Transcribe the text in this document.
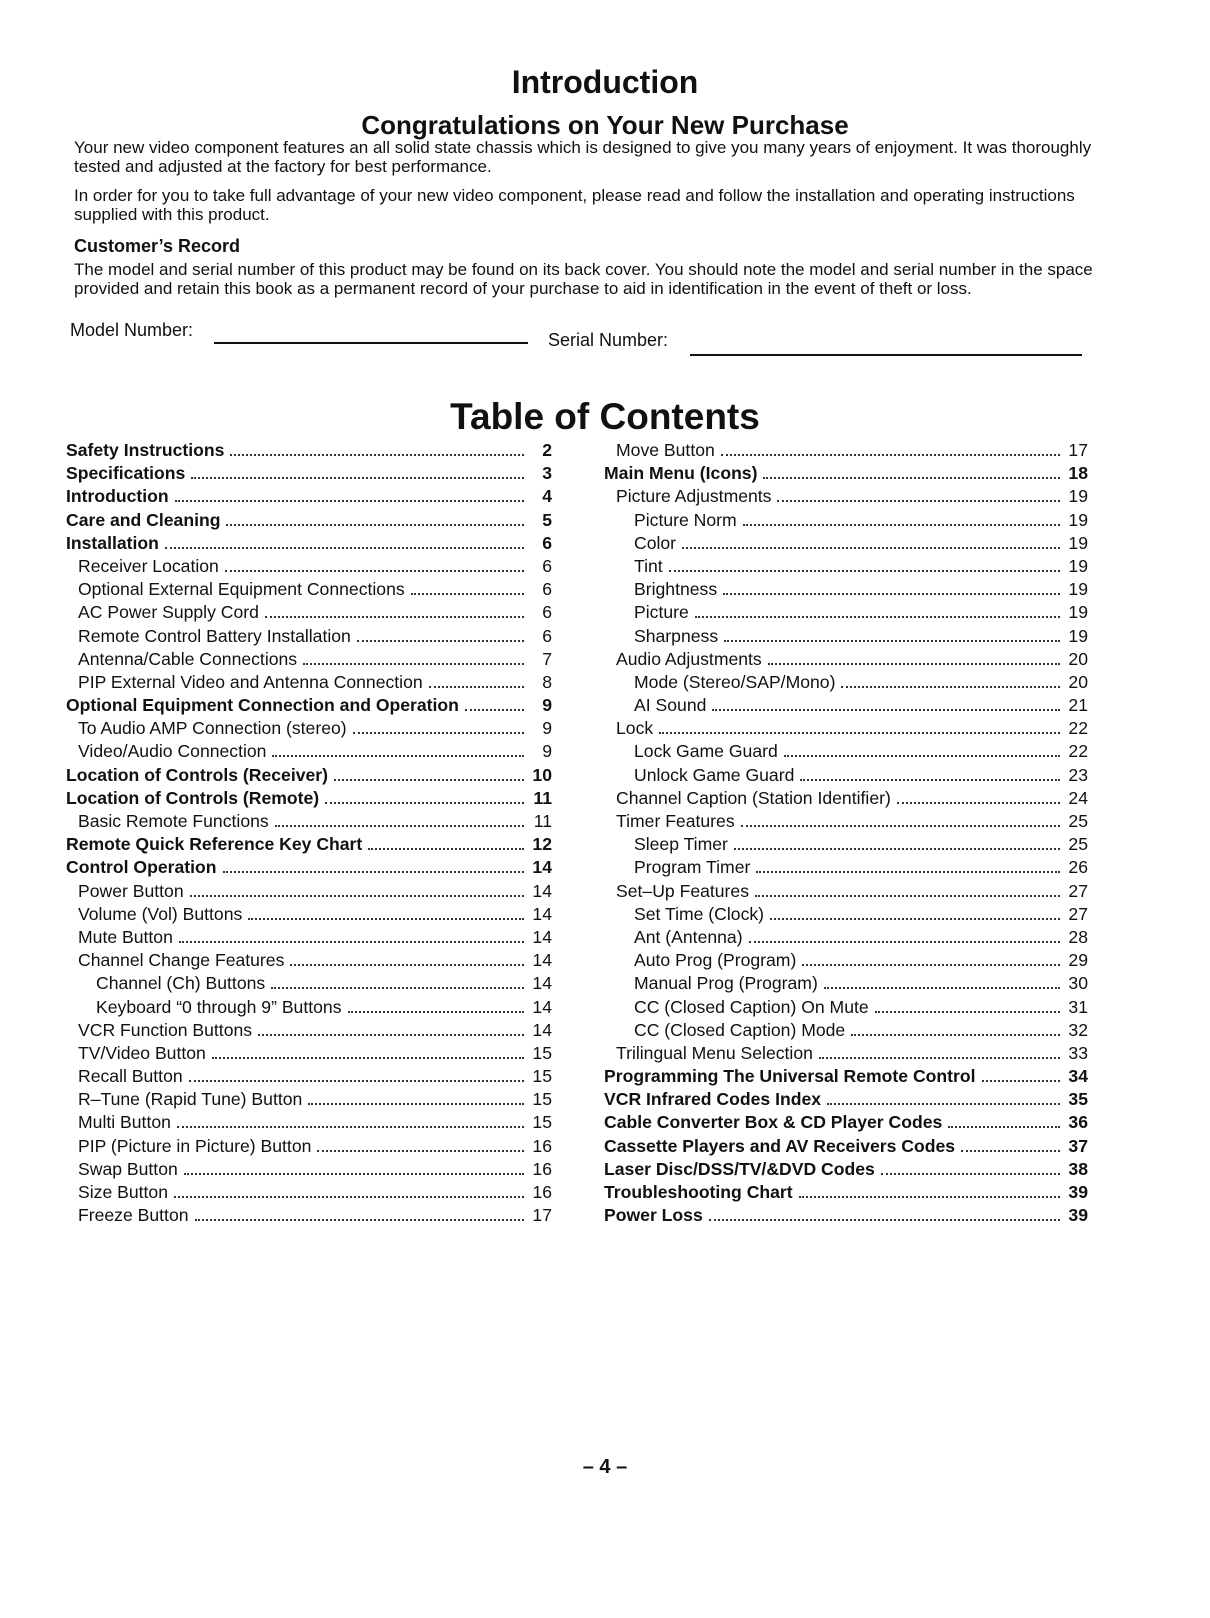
Introduction
Congratulations on Your New Purchase
Your new video component features an all solid state chassis which is designed to give you many years of enjoyment. It was thoroughly tested and adjusted at the factory for best performance.
In order for you to take full advantage of your new video component, please read and follow the installation and operating instructions supplied with this product.
Customer’s Record
The model and serial number of this product may be found on its back cover. You should note the model and serial number in the space provided and retain this book as a permanent record of your purchase to aid in identification in the event of theft or loss.
Model Number:	Serial Number:
Table of Contents
Safety Instructions	2
Specifications	3
Introduction	4
Care and Cleaning	5
Installation	6
Receiver Location	6
Optional External Equipment Connections	6
AC Power Supply Cord	6
Remote Control Battery Installation	6
Antenna/Cable Connections	7
PIP External Video and Antenna Connection	8
Optional Equipment Connection and Operation	9
To Audio AMP Connection (stereo)	9
Video/Audio Connection	9
Location of Controls (Receiver)	10
Location of Controls (Remote)	11
Basic Remote Functions	11
Remote Quick Reference Key Chart	12
Control Operation	14
Power Button	14
Volume (Vol) Buttons	14
Mute Button	14
Channel Change Features	14
Channel (Ch) Buttons	14
Keyboard “0 through 9” Buttons	14
VCR Function Buttons	14
TV/Video Button	15
Recall Button	15
R–Tune (Rapid Tune) Button	15
Multi Button	15
PIP (Picture in Picture) Button	16
Swap Button	16
Size Button	16
Freeze Button	17
Move Button	17
Main Menu (Icons)	18
Picture Adjustments	19
Picture Norm	19
Color	19
Tint	19
Brightness	19
Picture	19
Sharpness	19
Audio Adjustments	20
Mode (Stereo/SAP/Mono)	20
AI Sound	21
Lock	22
Lock Game Guard	22
Unlock Game Guard	23
Channel Caption (Station Identifier)	24
Timer Features	25
Sleep Timer	25
Program Timer	26
Set–Up Features	27
Set Time (Clock)	27
Ant (Antenna)	28
Auto Prog (Program)	29
Manual Prog (Program)	30
CC (Closed Caption) On Mute	31
CC (Closed Caption) Mode	32
Trilingual Menu Selection	33
Programming The Universal Remote Control	34
VCR Infrared Codes Index	35
Cable Converter Box & CD Player Codes	36
Cassette Players and AV Receivers Codes	37
Laser Disc/DSS/TV/&DVD Codes	38
Troubleshooting Chart	39
Power Loss	39
– 4 –
